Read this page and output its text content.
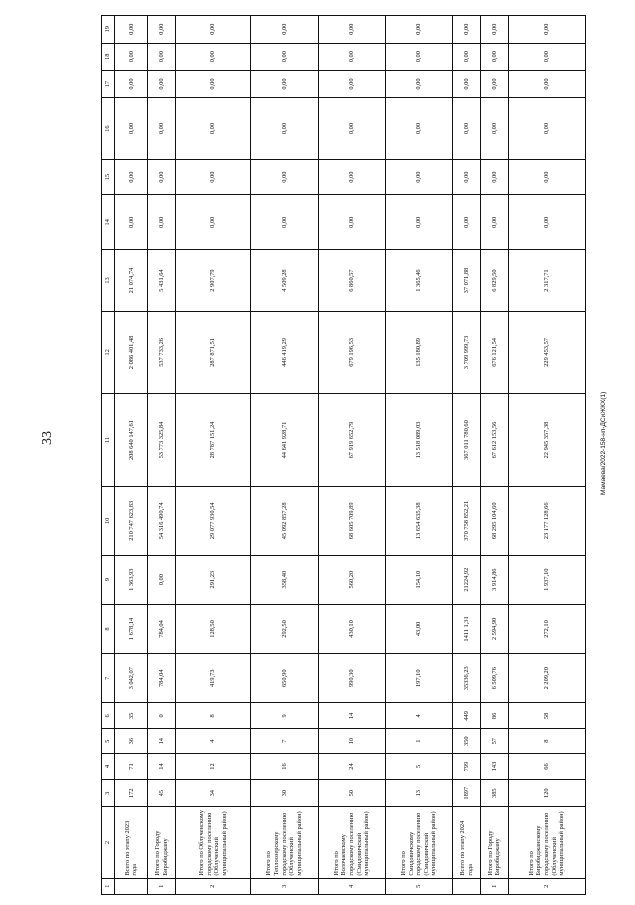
33	Мамаева/2022-158-нп-ДСиЖКХ(1)
1	2	3	4	5	6	7	8	9	10	11	12	13	14	15	16	17	18	19
	Всего по этапу 2023 года	172	71	36	35	3 042,07	1 678,14	1 363,93	210 747 623,83	208 640 147,61	2 086 401,48	21 074,74	0,00	0,00	0,00	0,00	0,00	0,00
1	Итого по Городу Биробиджану	45	14	14	0	784,04	784,04	0,00	54 316 490,74	53 773 325,84	537 733,26	5 431,64	0,00	0,00	0,00	0,00	0,00	0,00
2	Итого по Облученскому городскому поселению (Облученский муниципальный район)	34	12	4	8	419,73	128,50	291,23	29 077 930,54	28 787 151,24	287 871,51	2 907,79	0,00	0,00	0,00	0,00	0,00	0,00
3	Итого по Теплоозерскому городскому поселению (Облученский муниципальный район)	30	16	7	9	650,90	292,50	358,40	45 092 857,28	44 641 928,71	446 419,29	4 509,28	0,00	0,00	0,00	0,00	0,00	0,00
4	Итого по Волочаевскому городскому поселению (Смидовичский муниципальный район)	50	24	10	14	990,30	430,10	560,20	68 605 709,89	67 919 652,79	679 196,53	6 860,57	0,00	0,00	0,00	0,00	0,00	0,00
5	Итого по Смидовичскому городскому поселению (Смидовичский муниципальный район)	13	5	1	4	197,10	43,00	154,10	13 654 635,38	13 518 089,03	135 180,89	1 365,46	0,00	0,00	0,00	0,00	0,00	0,00
	Всего по этапу 2024 года	1897	799	350	449	35336,23	1411 1,31	21224,92	370 758 852,21	367 011 780,60	3 709 999,73	37 071,88	0,00	0,00	0,00	0,00	0,00	0,00
1	Итого по Городу Биробиджану	385	143	57	86	6 509,76	2 594,90	3 914,86	68 295 104,60	67 612 153,56	676 121,54	6 829,50	0,00	0,00	0,00	0,00	0,00	0,00
2	Итого по Биробиджанскому городскому поселению (Облученский муниципальный район)	120	66	8	58	2 209,20	272,10	1 937,10	23 177 128,66	22 945 357,38	229 453,57	2 317,71	0,00	0,00	0,00	0,00	0,00	0,00
